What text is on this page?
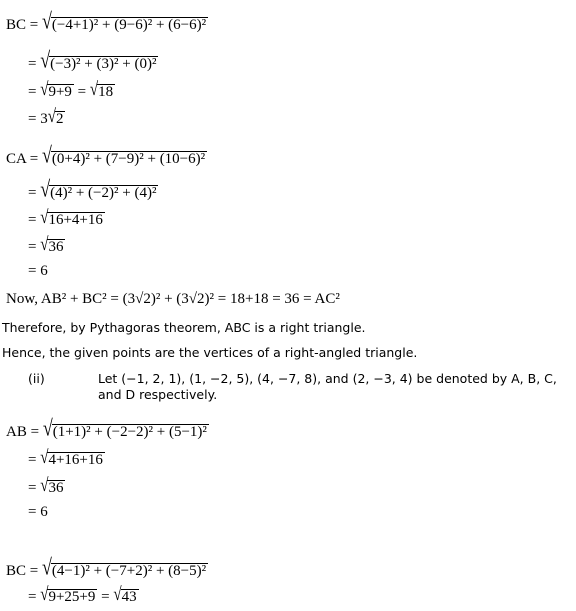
BC = √(−4+1)² + (9−6)² + (6−6)²
= √(−3)² + (3)² + (0)²
= √9+9 = √18
= 3√2
CA = √(0+4)² + (7−9)² + (10−6)²
= √(4)² + (−2)² + (4)²
= √16+4+16
= √36
= 6
Now, AB² + BC² = (3√2)² + (3√2)² = 18+18 = 36 = AC²
Therefore, by Pythagoras theorem, ABC is a right triangle.
Hence, the given points are the vertices of a right-angled triangle.
(ii)	Let (−1, 2, 1), (1, −2, 5), (4, −7, 8), and (2, −3, 4) be denoted by A, B, C,
and D respectively.
AB = √(1+1)² + (−2−2)² + (5−1)²
= √4+16+16
= √36
= 6
BC = √(4−1)² + (−7+2)² + (8−5)²
= √9+25+9 = √43
